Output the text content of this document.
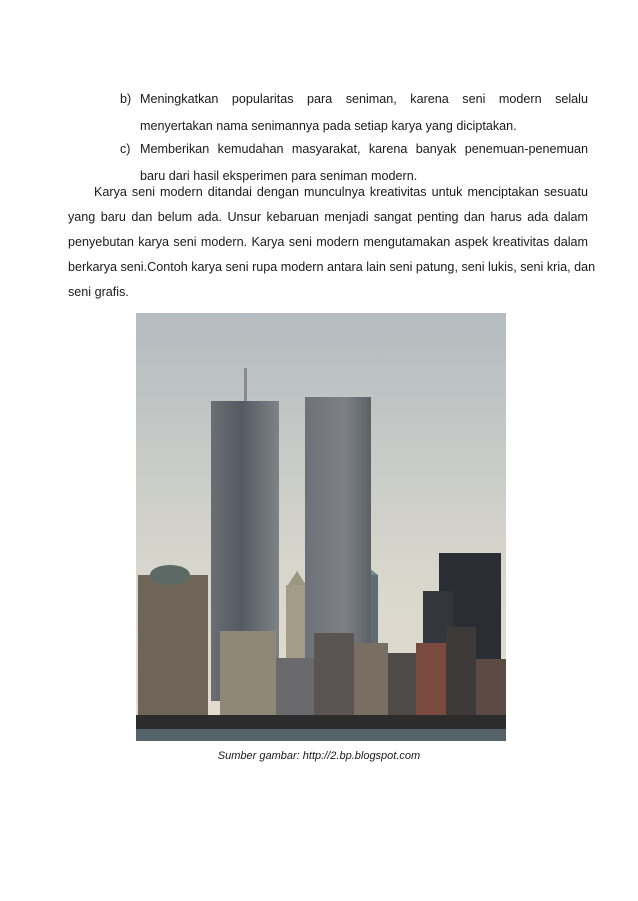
b) Meningkatkan popularitas para seniman, karena seni modern selalu
menyertakan nama senimannya pada setiap karya yang diciptakan.
c) Memberikan kemudahan masyarakat, karena banyak penemuan-penemuan
baru dari hasil eksperimen para seniman modern.
Karya seni modern ditandai dengan munculnya kreativitas untuk menciptakan sesuatu
yang baru dan belum ada. Unsur kebaruan menjadi sangat penting dan harus ada dalam
penyebutan karya seni modern. Karya seni modern mengutamakan aspek kreativitas dalam
berkarya seni.Contoh karya seni rupa modern antara lain seni patung, seni lukis, seni kria, dan
seni grafis.
Sumber gambar: http://2.bp.blogspot.com
